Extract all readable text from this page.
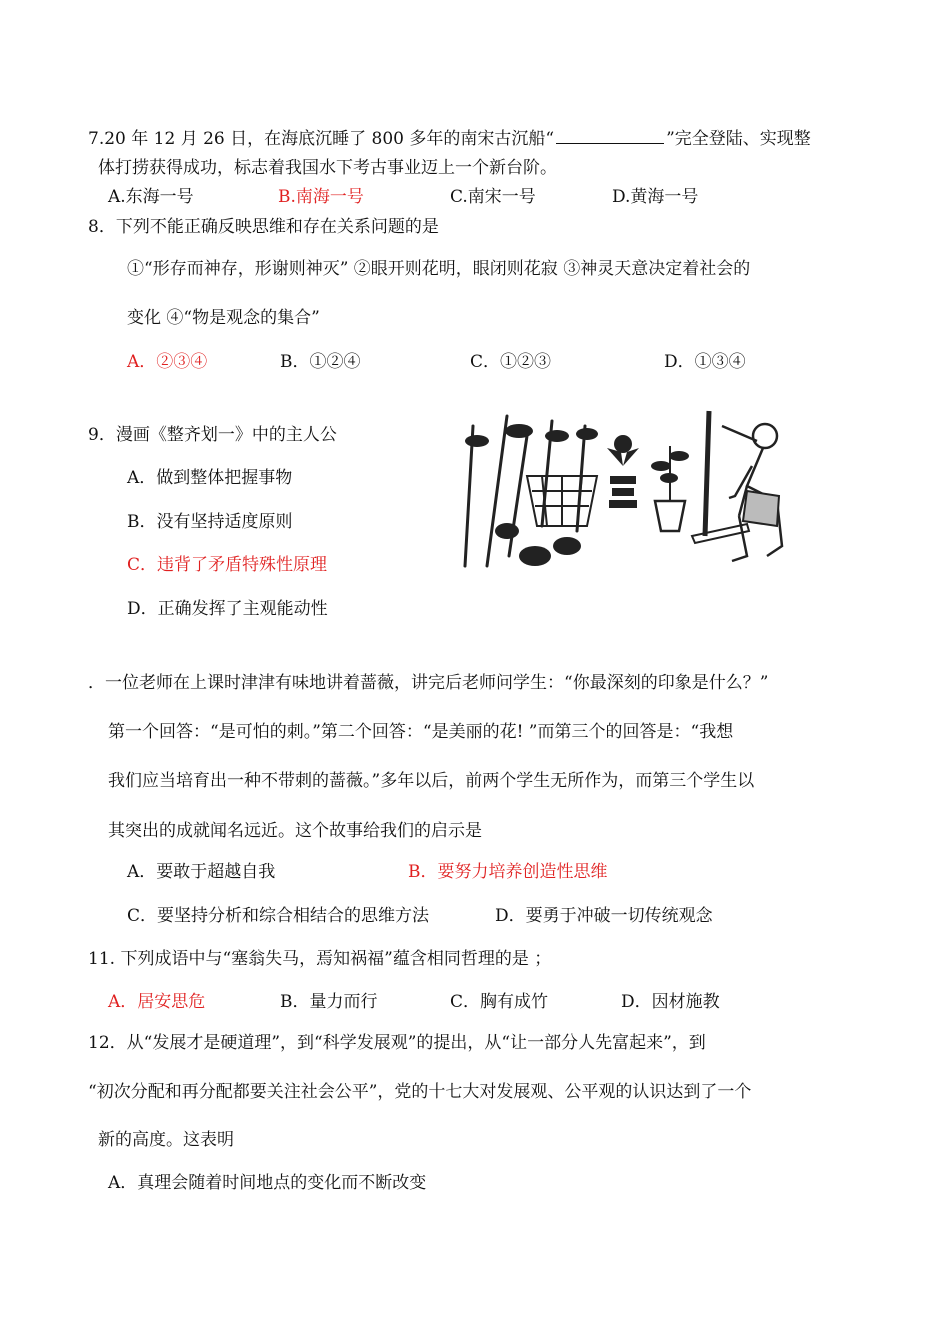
7.20 年 12 月 26 日，在海底沉睡了 800 多年的南宋古沉船“	”完全登陆、实现整
体打捞获得成功，标志着我国水下考古事业迈上一个新台阶。
A.东海一号	B.南海一号	C.南宋一号	D.黄海一号
8．下列不能正确反映思维和存在关系问题的是
①“形存而神存，形谢则神灭” ②眼开则花明，眼闭则花寂 ③神灵天意决定着社会的
变化 ④“物是观念的集合”
A．②③④	B．①②④	C．①②③	D．①③④
9．漫画《整齐划一》中的主人公
A．做到整体把握事物
B．没有坚持适度原则
C．违背了矛盾特殊性原理
D．正确发挥了主观能动性
．一位老师在上课时津津有味地讲着蔷薇，讲完后老师问学生：“你最深刻的印象是什么？”
第一个回答：“是可怕的刺。”第二个回答：“是美丽的花! ”而第三个的回答是：“我想
我们应当培育出一种不带刺的蔷薇。”多年以后，前两个学生无所作为，而第三个学生以
其突出的成就闻名远近。这个故事给我们的启示是
A．要敢于超越自我	B．要努力培养创造性思维
C．要坚持分析和综合相结合的思维方法	D．要勇于冲破一切传统观念
11. 下列成语中与“塞翁失马，焉知祸福”蕴含相同哲理的是 ；
A．居安思危	B．量力而行	C．胸有成竹	D．因材施教
12．从“发展才是硬道理”，到“科学发展观”的提出，从“让一部分人先富起来”，到
“初次分配和再分配都要关注社会公平”，党的十七大对发展观、公平观的认识达到了一个
新的高度。这表明
A．真理会随着时间地点的变化而不断改变
